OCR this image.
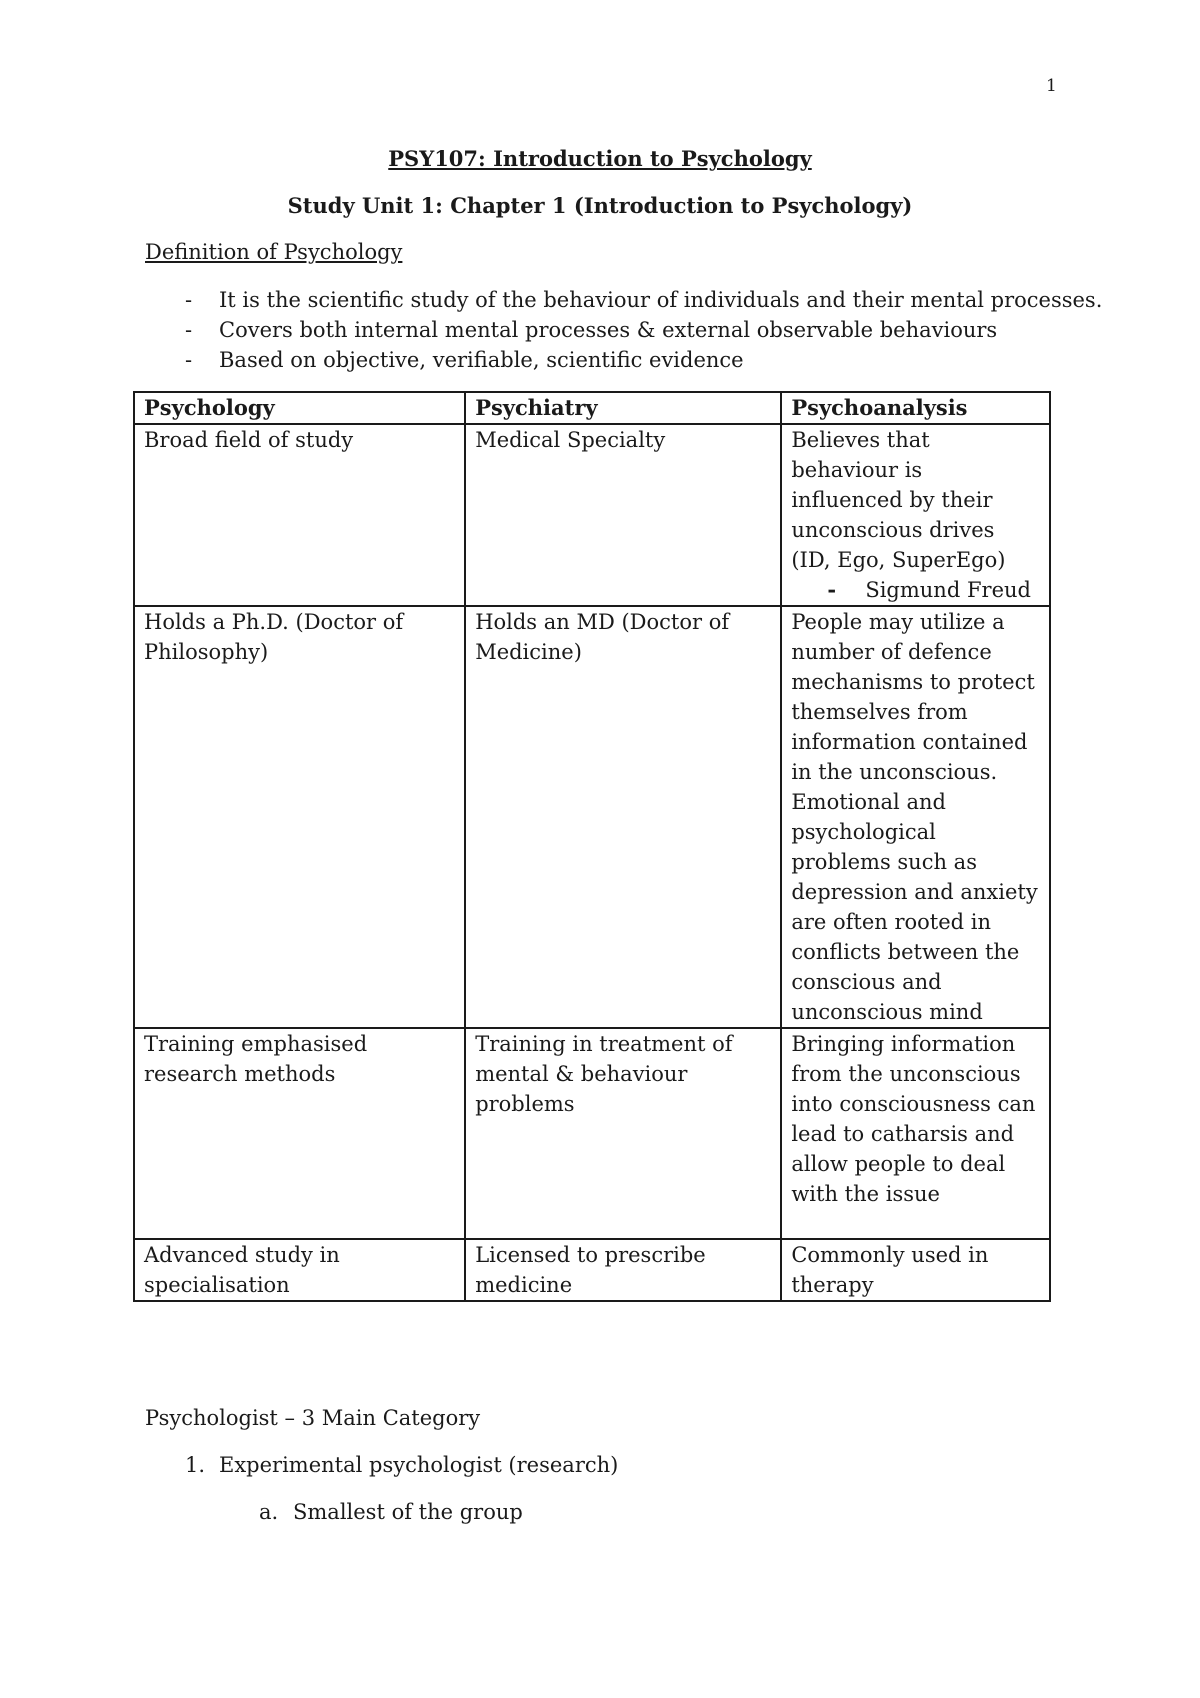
1
PSY107: Introduction to Psychology
Study Unit 1: Chapter 1 (Introduction to Psychology)
Definition of Psychology
- It is the scientific study of the behaviour of individuals and their mental processes.
- Covers both internal mental processes & external observable behaviours
- Based on objective, verifiable, scientific evidence
Psychology	Psychiatry	Psychoanalysis
Broad field of study	Medical Specialty	Believes that behaviour is influenced by their unconscious drives (ID, Ego, SuperEgo)
- Sigmund Freud

Holds a Ph.D. (Doctor of Philosophy)	Holds an MD (Doctor of Medicine)	People may utilize a number of defence mechanisms to protect themselves from information contained in the unconscious. Emotional and psychological problems such as depression and anxiety are often rooted in conflicts between the conscious and unconscious mind
Training emphasised research methods	Training in treatment of mental & behaviour problems	Bringing information from the unconscious into consciousness can lead to catharsis and allow people to deal with the issue
Advanced study in specialisation	Licensed to prescribe medicine	Commonly used in therapy
Psychologist – 3 Main Category
1. Experimental psychologist (research)
a. Smallest of the group
